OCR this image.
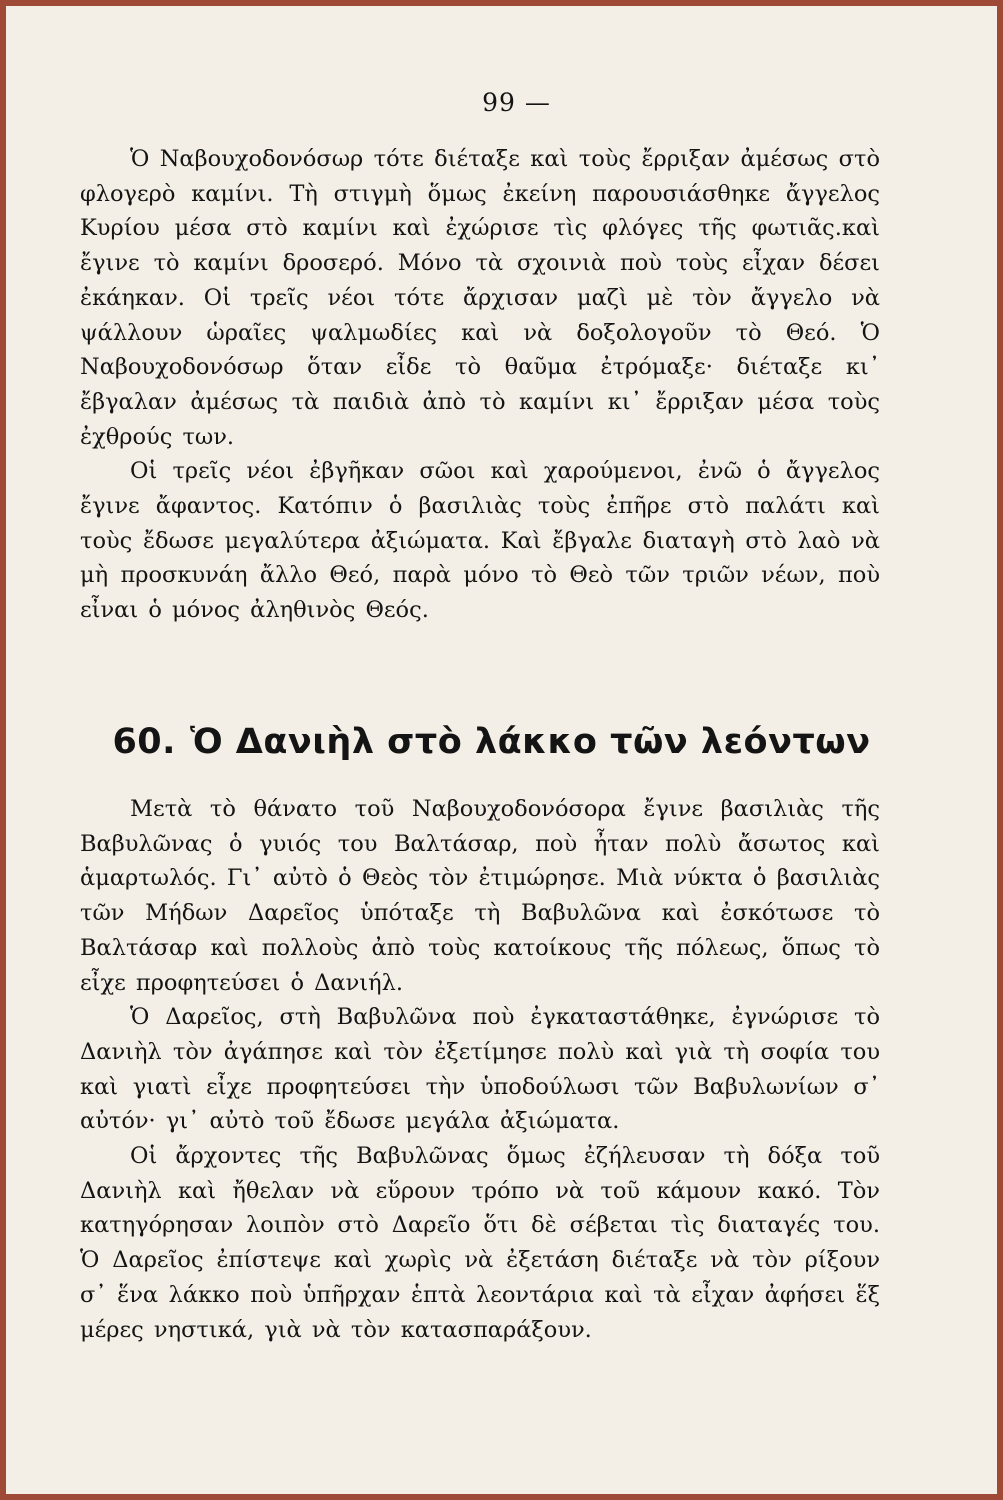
99 —

Ὁ Ναβουχοδονόσωρ τότε διέταξε καὶ τοὺς ἔρριξαν ἀμέσως στὸ φλογερὸ καμίνι. Τὴ στιγμὴ ὅμως ἐκείνη παρουσιάσθηκε ἄγγελος Κυρίου μέσα στὸ καμίνι καὶ ἐχώρισε τὶς φλόγες τῆς φωτιᾶς.καὶ ἔγινε τὸ καμίνι δροσερό. Μόνο τὰ σχοινιὰ ποὺ τοὺς εἶχαν δέσει ἐκάηκαν. Οἱ τρεῖς νέοι τότε ἄρχισαν μαζὶ μὲ τὸν ἄγγελο νὰ ψάλλουν ὡραῖες ψαλμωδίες καὶ νὰ δοξολογοῦν τὸ Θεό. Ὁ Ναβουχοδονόσωρ ὅταν εἶδε τὸ θαῦμα ἐτρόμαξε· διέταξε κι᾽ ἔβγαλαν ἀμέσως τὰ παιδιὰ ἀπὸ τὸ καμίνι κι᾽ ἔρριξαν μέσα τοὺς ἐχθρούς των.

Οἱ τρεῖς νέοι ἐβγῆκαν σῶοι καὶ χαρούμενοι, ἐνῶ ὁ ἄγγελος ἔγινε ἄφαντος. Κατόπιν ὁ βασιλιὰς τοὺς ἐπῆρε στὸ παλάτι καὶ τοὺς ἔδωσε μεγαλύτερα ἀξιώματα. Καὶ ἔβγαλε διαταγὴ στὸ λαὸ νὰ μὴ προσκυνάη ἄλλο Θεό, παρὰ μόνο τὸ Θεὸ τῶν τριῶν νέων, ποὺ εἶναι ὁ μόνος ἀληθινὸς Θεός.

60. Ὁ Δανιὴλ στὸ λάκκο τῶν λεόντων

Μετὰ τὸ θάνατο τοῦ Ναβουχοδονόσορα ἔγινε βασιλιὰς τῆς Βαβυλῶνας ὁ γυιός του Βαλτάσαρ, ποὺ ἦταν πολὺ ἄσωτος καὶ ἁμαρτωλός. Γι᾽ αὐτὸ ὁ Θεὸς τὸν ἐτιμώρησε. Μιὰ νύκτα ὁ βασιλιὰς τῶν Μήδων Δαρεῖος ὑπόταξε τὴ Βαβυλῶνα καὶ ἐσκότωσε τὸ Βαλτάσαρ καὶ πολλοὺς ἀπὸ τοὺς κατοίκους τῆς πόλεως, ὅπως τὸ εἶχε προφητεύσει ὁ Δανιήλ.

Ὁ Δαρεῖος, στὴ Βαβυλῶνα ποὺ ἐγκαταστάθηκε, ἐγνώρισε τὸ Δανιὴλ τὸν ἀγάπησε καὶ τὸν ἐξετίμησε πολὺ καὶ γιὰ τὴ σοφία του καὶ γιατὶ εἶχε προφητεύσει τὴν ὑποδούλωσι τῶν Βαβυλωνίων σ᾽ αὐτόν· γι᾽ αὐτὸ τοῦ ἔδωσε μεγάλα ἀξιώματα.

Οἱ ἄρχοντες τῆς Βαβυλῶνας ὅμως ἐζήλευσαν τὴ δόξα τοῦ Δανιὴλ καὶ ἤθελαν νὰ εὕρουν τρόπο νὰ τοῦ κάμουν κακό. Τὸν κατηγόρησαν λοιπὸν στὸ Δαρεῖο ὅτι δὲ σέβεται τὶς διαταγές του. Ὁ Δαρεῖος ἐπίστεψε καὶ χωρὶς νὰ ἐξετάση διέταξε νὰ τὸν ρίξουν σ᾽ ἕνα λάκκο ποὺ ὑπῆρχαν ἑπτὰ λεοντάρια καὶ τὰ εἶχαν ἀφήσει ἕξ μέρες νηστικά, γιὰ νὰ τὸν κατασπαράξουν.
